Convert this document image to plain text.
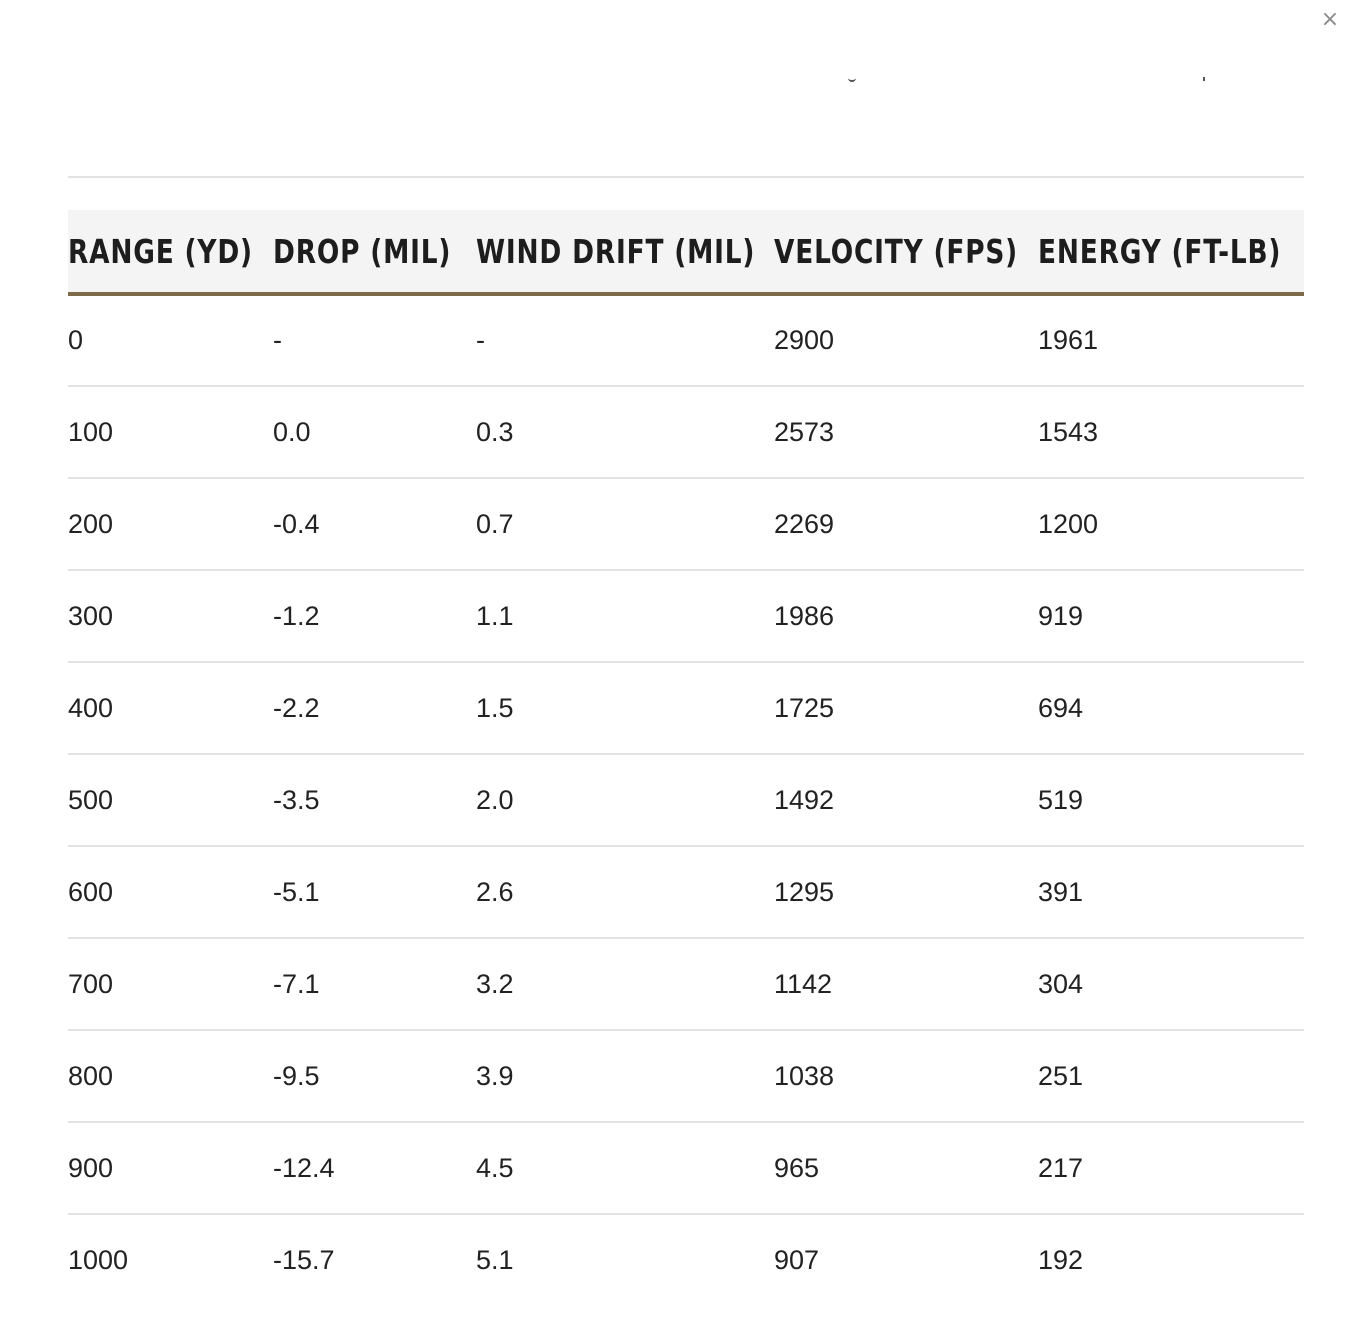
×
RANGE (YD)	DROP (MIL)	WIND DRIFT (MIL)	VELOCITY (FPS)	ENERGY (FT-LB)
0	-	-	2900	1961
100	0.0	0.3	2573	1543
200	-0.4	0.7	2269	1200
300	-1.2	1.1	1986	919
400	-2.2	1.5	1725	694
500	-3.5	2.0	1492	519
600	-5.1	2.6	1295	391
700	-7.1	3.2	1142	304
800	-9.5	3.9	1038	251
900	-12.4	4.5	965	217
1000	-15.7	5.1	907	192
